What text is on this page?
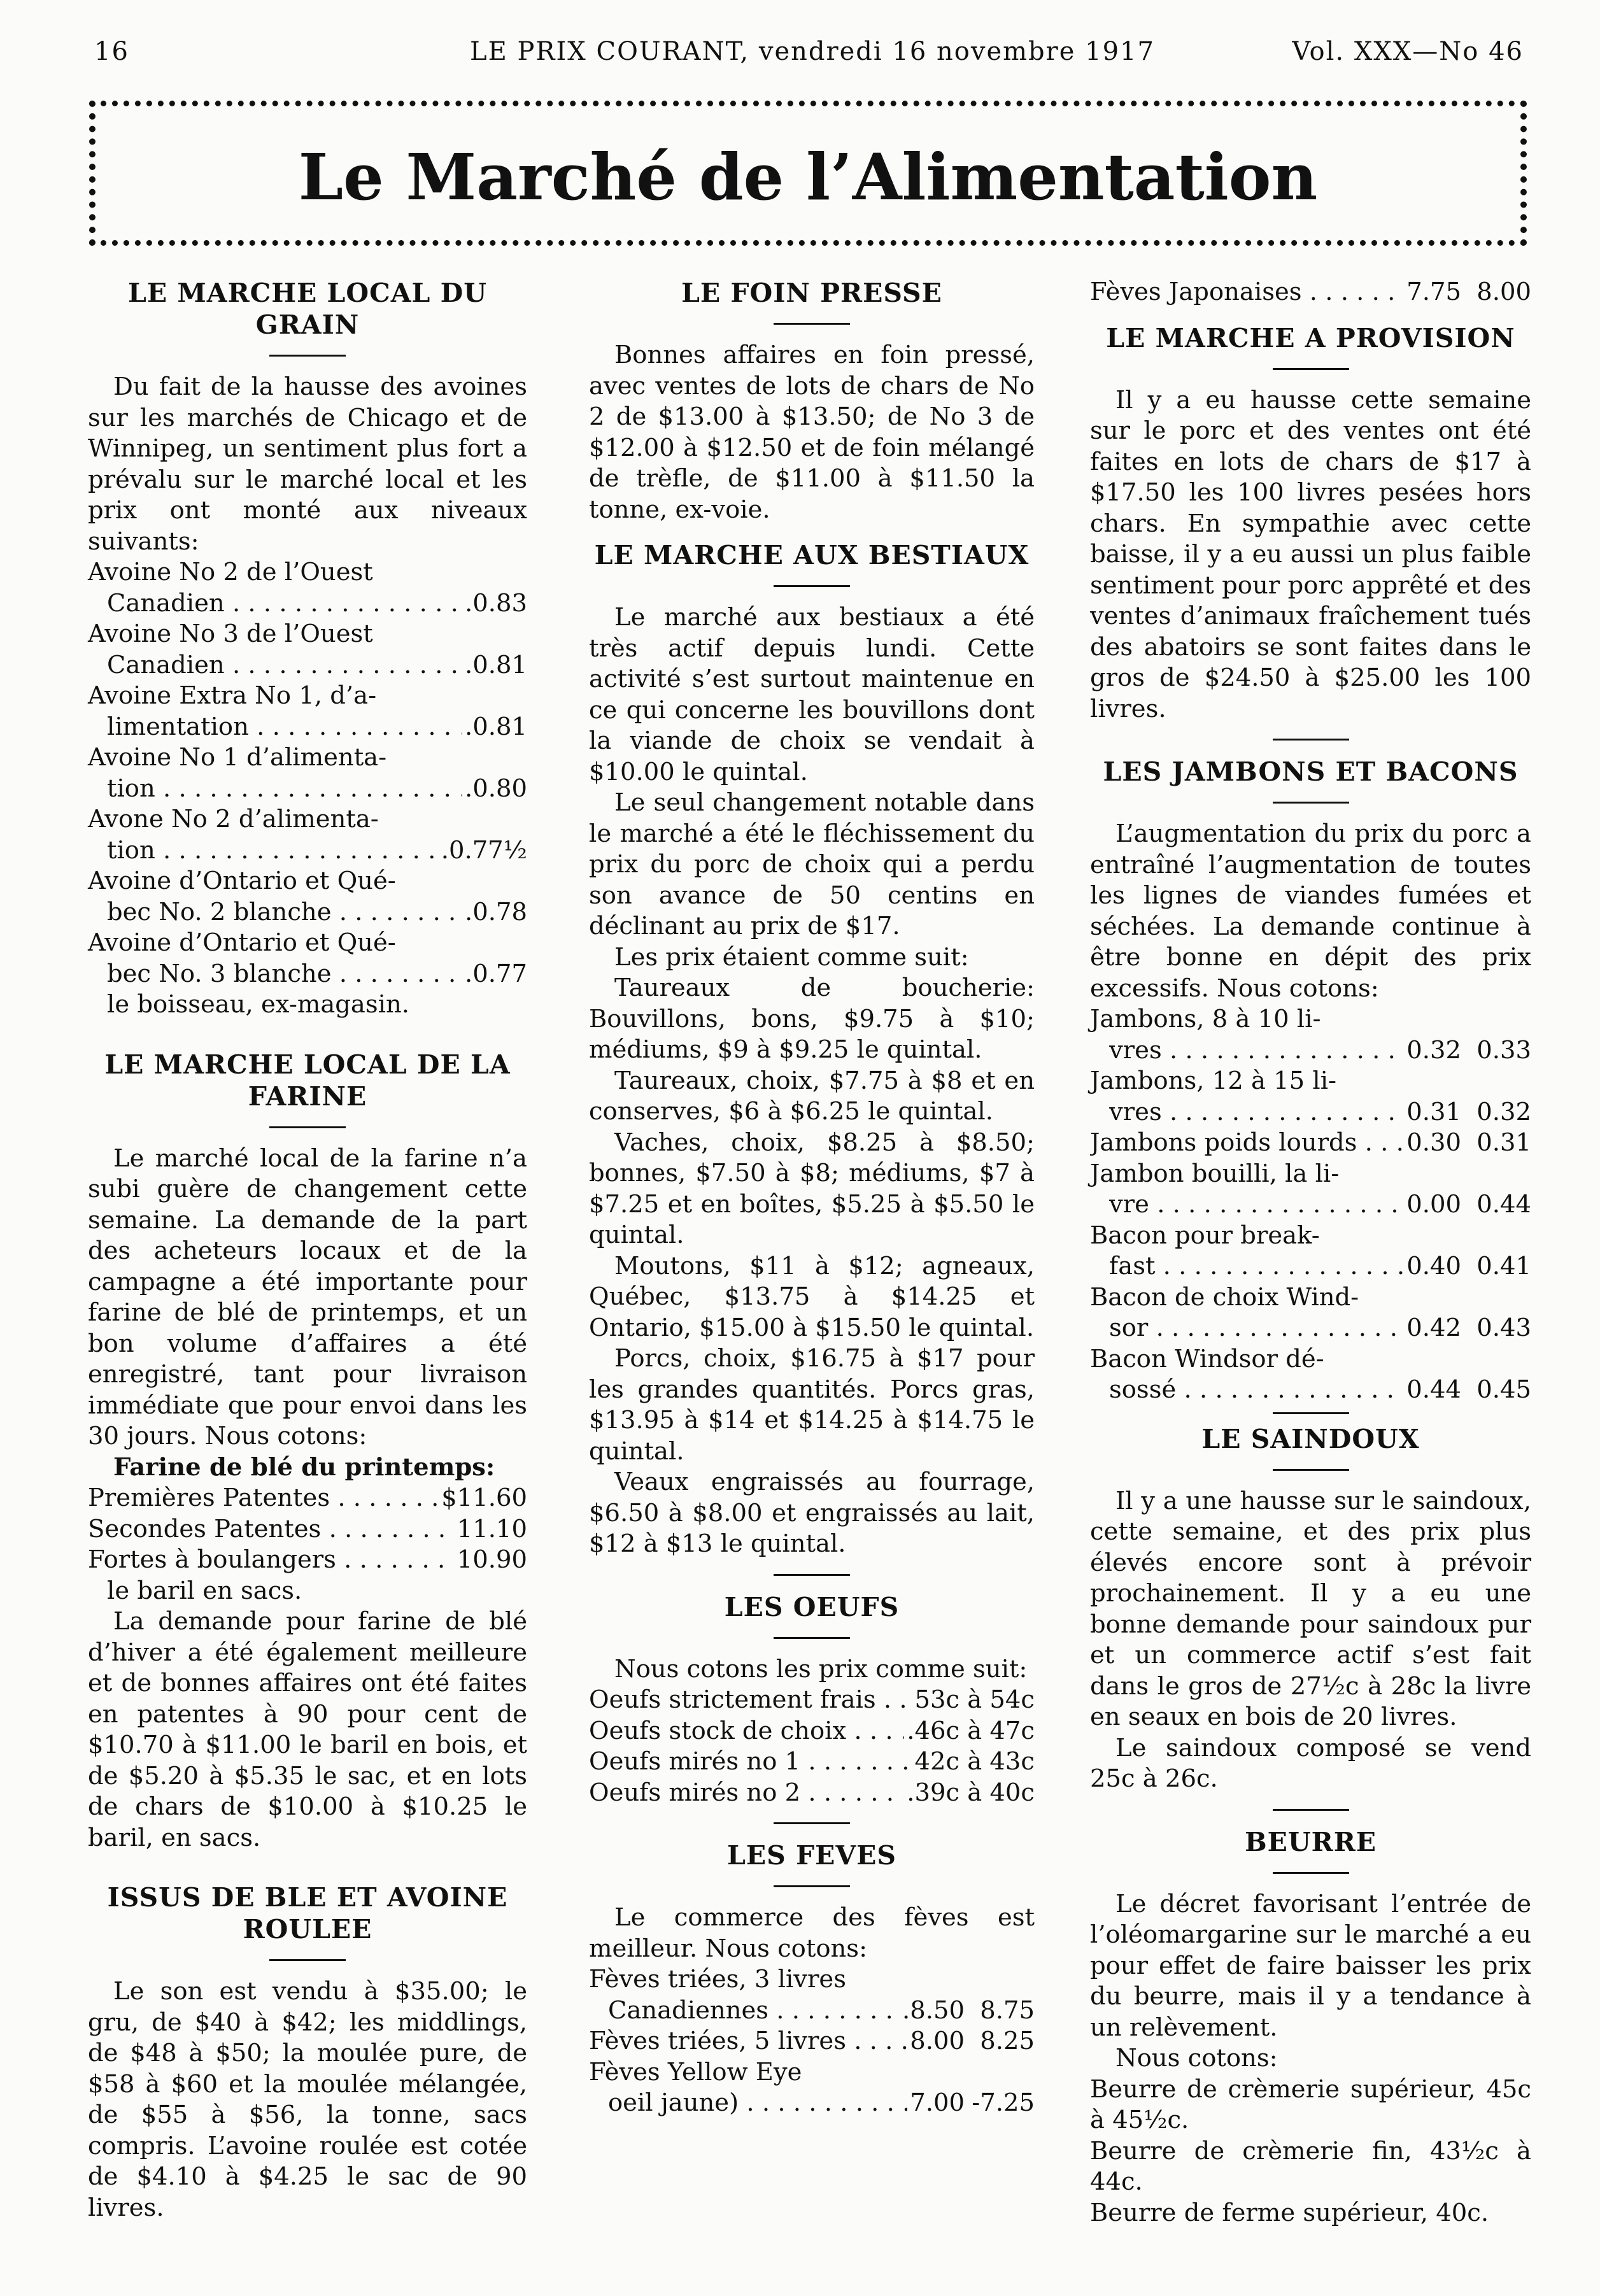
16	LE PRIX COURANT, vendredi 16 novembre 1917	Vol. XXX—No 46
Le Marché de l’Alimentation
LE MARCHE LOCAL DU GRAIN

Du fait de la hausse des avoines sur les marchés de Chicago et de Winnipeg, un sentiment plus fort a prévalu sur le marché local et les prix ont monté aux niveaux suivants:

Avoine No 2 de l’Ouest
Canadien . . .	.0.83
Avoine No 3 de l’Ouest
Canadien . . .	.0.81
Avoine Extra No 1, d’a-
limentation . . .	.0.81
Avoine No 1 d’alimenta-
tion . . .	.0.80
Avone No 2 d’alimenta-
tion . . .	.0.77½
Avoine d’Ontario et Qué-
bec No. 2 blanche . . .	.0.78
Avoine d’Ontario et Qué-
bec No. 3 blanche . . .	.0.77
le boisseau, ex-magasin.
LE MARCHE LOCAL DE LA FARINE

Le marché local de la farine n’a subi guère de changement cette semaine. La demande de la part des acheteurs locaux et de la campagne a été importante pour farine de blé de printemps, et un bon volume d’affaires a été enregistré, tant pour livraison immédiate que pour envoi dans les 30 jours. Nous cotons:

Farine de blé du printemps:
Premières Patentes . . .	$11.60
Secondes Patentes . . .	11.10
Fortes à boulangers . . .	10.90
le baril en sacs.

La demande pour farine de blé d’hiver a été également meilleure et de bonnes affaires ont été faites en patentes à 90 pour cent de $10.70 à $11.00 le baril en bois, et de $5.20 à $5.35 le sac, et en lots de chars de $10.00 à $10.25 le baril, en sacs.

ISSUS DE BLE ET AVOINE ROULEE

Le son est vendu à $35.00; le gru, de $40 à $42; les middlings, de $48 à $50; la moulée pure, de $58 à $60 et la moulée mélangée, de $55 à $56, la tonne, sacs compris. L’avoine roulée est cotée de $4.10 à $4.25 le sac de 90 livres.

LE FOIN PRESSE

Bonnes affaires en foin pressé, avec ventes de lots de chars de No 2 de $13.00 à $13.50; de No 3 de $12.00 à $12.50 et de foin mélangé de trèfle, de $11.00 à $11.50 la tonne, ex-voie.

LE MARCHE AUX BESTIAUX

Le marché aux bestiaux a été très actif depuis lundi. Cette activité s’est surtout maintenue en ce qui concerne les bouvillons dont la viande de choix se vendait à $10.00 le quintal.

Le seul changement notable dans le marché a été le fléchissement du prix du porc de choix qui a perdu son avance de 50 centins en déclinant au prix de $17.

Les prix étaient comme suit:

Taureaux de boucherie: Bouvillons, bons, $9.75 à $10; médiums, $9 à $9.25 le quintal.

Taureaux, choix, $7.75 à $8 et en conserves, $6 à $6.25 le quintal.

Vaches, choix, $8.25 à $8.50; bonnes, $7.50 à $8; médiums, $7 à $7.25 et en boîtes, $5.25 à $5.50 le quintal.

Moutons, $11 à $12; agneaux, Québec, $13.75 à $14.25 et Ontario, $15.00 à $15.50 le quintal.

Porcs, choix, $16.75 à $17 pour les grandes quantités. Porcs gras, $13.95 à $14 et $14.25 à $14.75 le quintal.

Veaux engraissés au fourrage, $6.50 à $8.00 et engraissés au lait, $12 à $13 le quintal.

LES OEUFS

Nous cotons les prix comme suit:

Oeufs strictement frais . . .	53c à 54c
Oeufs stock de choix . . .	.46c à 47c
Oeufs mirés no 1 . . .	42c à 43c
Oeufs mirés no 2 . . .	.39c à 40c
LES FEVES

Le commerce des fèves est meilleur. Nous cotons:

Fèves triées, 3 livres
Canadiennes . . .	.8.50 8.75
Fèves triées, 5 livres . . .	8.00 8.25
Fèves Yellow Eye
oeil jaune) . . .	7.00 -7.25
Fèves Japonaises . . .	7.75 8.00
LE MARCHE A PROVISION

Il y a eu hausse cette semaine sur le porc et des ventes ont été faites en lots de chars de $17 à $17.50 les 100 livres pesées hors chars. En sympathie avec cette baisse, il y a eu aussi un plus faible sentiment pour porc apprêté et des ventes d’animaux fraîchement tués des abatoirs se sont faites dans le gros de $24.50 à $25.00 les 100 livres.

LES JAMBONS ET BACONS

L’augmentation du prix du porc a entraîné l’augmentation de toutes les lignes de viandes fumées et séchées. La demande continue à être bonne en dépit des prix excessifs. Nous cotons:

Jambons, 8 à 10 li-
vres . . .	0.32 0.33
Jambons, 12 à 15 li-
vres . . .	0.31 0.32
Jambons poids lourds . . .	0.30 0.31
Jambon bouilli, la li-
vre . . .	0.00 0.44
Bacon pour break-
fast . . .	0.40 0.41
Bacon de choix Wind-
sor . . .	0.42 0.43
Bacon Windsor dé-
sossé . . .	0.44 0.45
LE SAINDOUX

Il y a une hausse sur le saindoux, cette semaine, et des prix plus élevés encore sont à prévoir prochainement. Il y a eu une bonne demande pour saindoux pur et un commerce actif s’est fait dans le gros de 27½c à 28c la livre en seaux en bois de 20 livres.

Le saindoux composé se vend 25c à 26c.

BEURRE

Le décret favorisant l’entrée de l’oléomargarine sur le marché a eu pour effet de faire baisser les prix du beurre, mais il y a tendance à un relèvement.

Nous cotons:

Beurre de crèmerie supérieur, 45c à 45½c.

Beurre de crèmerie fin, 43½c à 44c.

Beurre de ferme supérieur, 40c.
